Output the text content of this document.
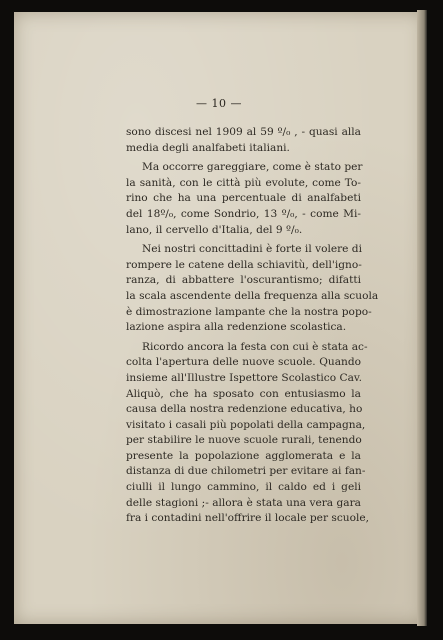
— 10 —
sono discesi nel 1909 al 59 º/₀ , - quasi alla
media degli analfabeti italiani.
Ma occorre gareggiare, come è stato per
la sanità, con le città più evolute, come To-
rino che ha una percentuale di analfabeti
del 18º/₀, come Sondrio, 13 º/₀, - come Mi-
lano, il cervello d'Italia, del 9 º/₀.
Nei nostri concittadini è forte il volere di
rompere le catene della schiavitù, dell'igno-
ranza, di abbattere l'oscurantismo; difatti
la scala ascendente della frequenza alla scuola
è dimostrazione lampante che la nostra popo-
lazione aspira alla redenzione scolastica.
Ricordo ancora la festa con cui è stata ac-
colta l'apertura delle nuove scuole. Quando
insieme all'Illustre Ispettore Scolastico Cav.
Aliquò, che ha sposato con entusiasmo la
causa della nostra redenzione educativa, ho
visitato i casali più popolati della campagna,
per stabilire le nuove scuole rurali, tenendo
presente la popolazione agglomerata e la
distanza di due chilometri per evitare ai fan-
ciulli il lungo cammino, il caldo ed i geli
delle stagioni ;- allora è stata una vera gara
fra i contadini nell'offrire il locale per scuole,
